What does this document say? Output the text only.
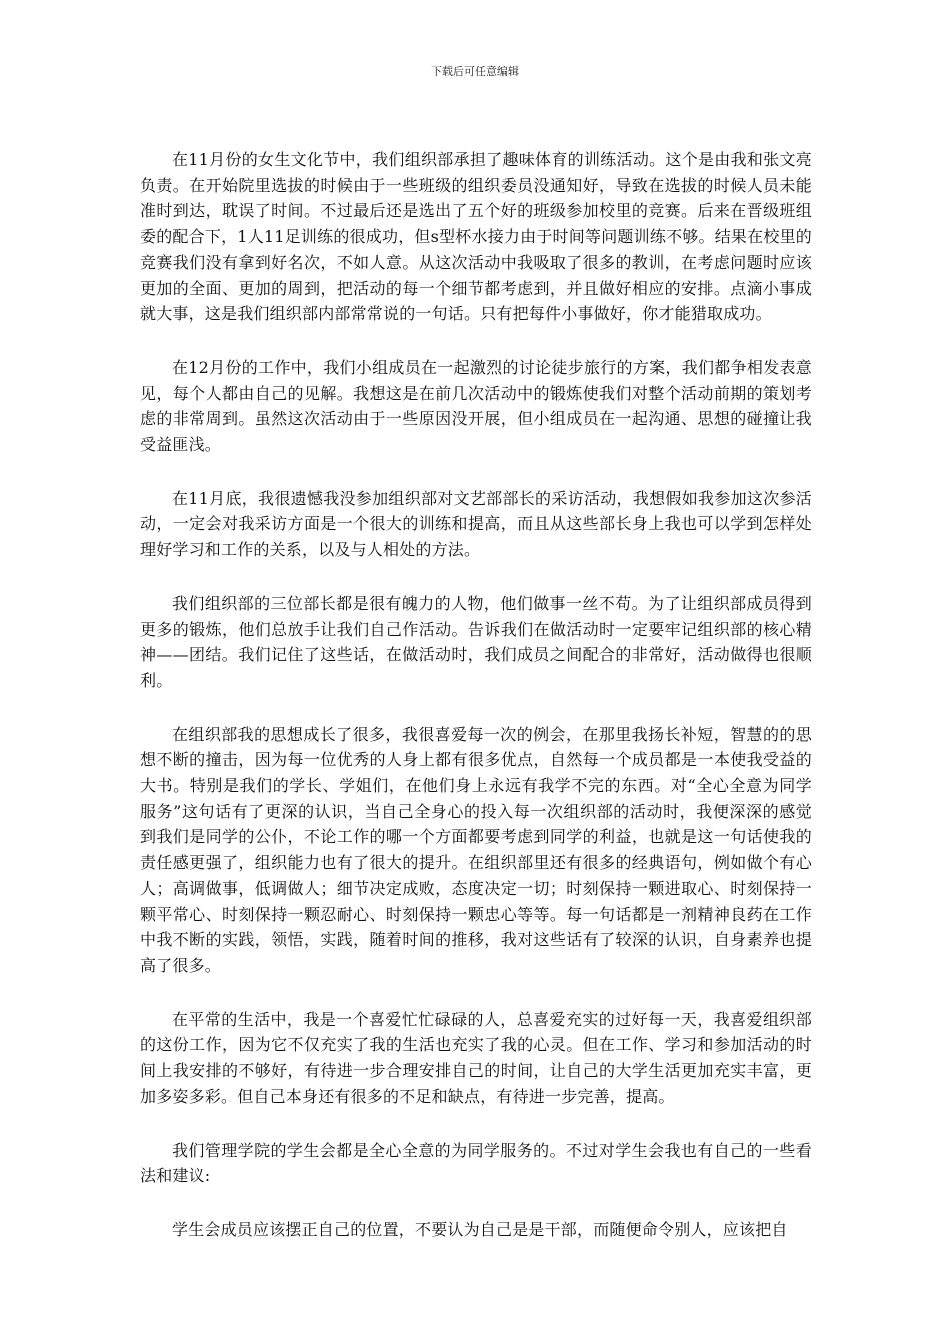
下载后可任意编辑

在11月份的女生文化节中，我们组织部承担了趣味体育的训练活动。这个是由我和张文亮负责。在开始院里选拔的时候由于一些班级的组织委员没通知好，导致在选拔的时候人员未能准时到达，耽误了时间。不过最后还是选出了五个好的班级参加校里的竞赛。后来在晋级班组委的配合下，1人11足训练的很成功，但s型杯水接力由于时间等问题训练不够。结果在校里的竞赛我们没有拿到好名次，不如人意。从这次活动中我吸取了很多的教训，在考虑问题时应该更加的全面、更加的周到，把活动的每一个细节都考虑到，并且做好相应的安排。点滴小事成就大事，这是我们组织部内部常常说的一句话。只有把每件小事做好，你才能猎取成功。

在12月份的工作中，我们小组成员在一起激烈的讨论徒步旅行的方案，我们都争相发表意见，每个人都由自己的见解。我想这是在前几次活动中的锻炼使我们对整个活动前期的策划考虑的非常周到。虽然这次活动由于一些原因没开展，但小组成员在一起沟通、思想的碰撞让我受益匪浅。

在11月底，我很遗憾我没参加组织部对文艺部部长的采访活动，我想假如我参加这次参活动，一定会对我采访方面是一个很大的训练和提高，而且从这些部长身上我也可以学到怎样处理好学习和工作的关系，以及与人相处的方法。

我们组织部的三位部长都是很有魄力的人物，他们做事一丝不苟。为了让组织部成员得到更多的锻炼，他们总放手让我们自己作活动。告诉我们在做活动时一定要牢记组织部的核心精神——团结。我们记住了这些话，在做活动时，我们成员之间配合的非常好，活动做得也很顺利。

在组织部我的思想成长了很多，我很喜爱每一次的例会，在那里我扬长补短，智慧的的思想不断的撞击，因为每一位优秀的人身上都有很多优点，自然每一个成员都是一本使我受益的大书。特别是我们的学长、学姐们，在他们身上永远有我学不完的东西。对“全心全意为同学服务”这句话有了更深的认识，当自己全身心的投入每一次组织部的活动时，我便深深的感觉到我们是同学的公仆，不论工作的哪一个方面都要考虑到同学的利益，也就是这一句话使我的责任感更强了，组织能力也有了很大的提升。在组织部里还有很多的经典语句，例如做个有心人；高调做事，低调做人；细节决定成败，态度决定一切；时刻保持一颗进取心、时刻保持一颗平常心、时刻保持一颗忍耐心、时刻保持一颗忠心等等。每一句话都是一剂精神良药在工作中我不断的实践，领悟，实践，随着时间的推移，我对这些话有了较深的认识，自身素养也提高了很多。

在平常的生活中，我是一个喜爱忙忙碌碌的人，总喜爱充实的过好每一天，我喜爱组织部的这份工作，因为它不仅充实了我的生活也充实了我的心灵。但在工作、学习和参加活动的时间上我安排的不够好，有待进一步合理安排自己的时间，让自己的大学生活更加充实丰富，更加多姿多彩。但自己本身还有很多的不足和缺点，有待进一步完善，提高。

我们管理学院的学生会都是全心全意的为同学服务的。不过对学生会我也有自己的一些看法和建议:

学生会成员应该摆正自己的位置，不要认为自己是是干部，而随便命令别人，应该把自
